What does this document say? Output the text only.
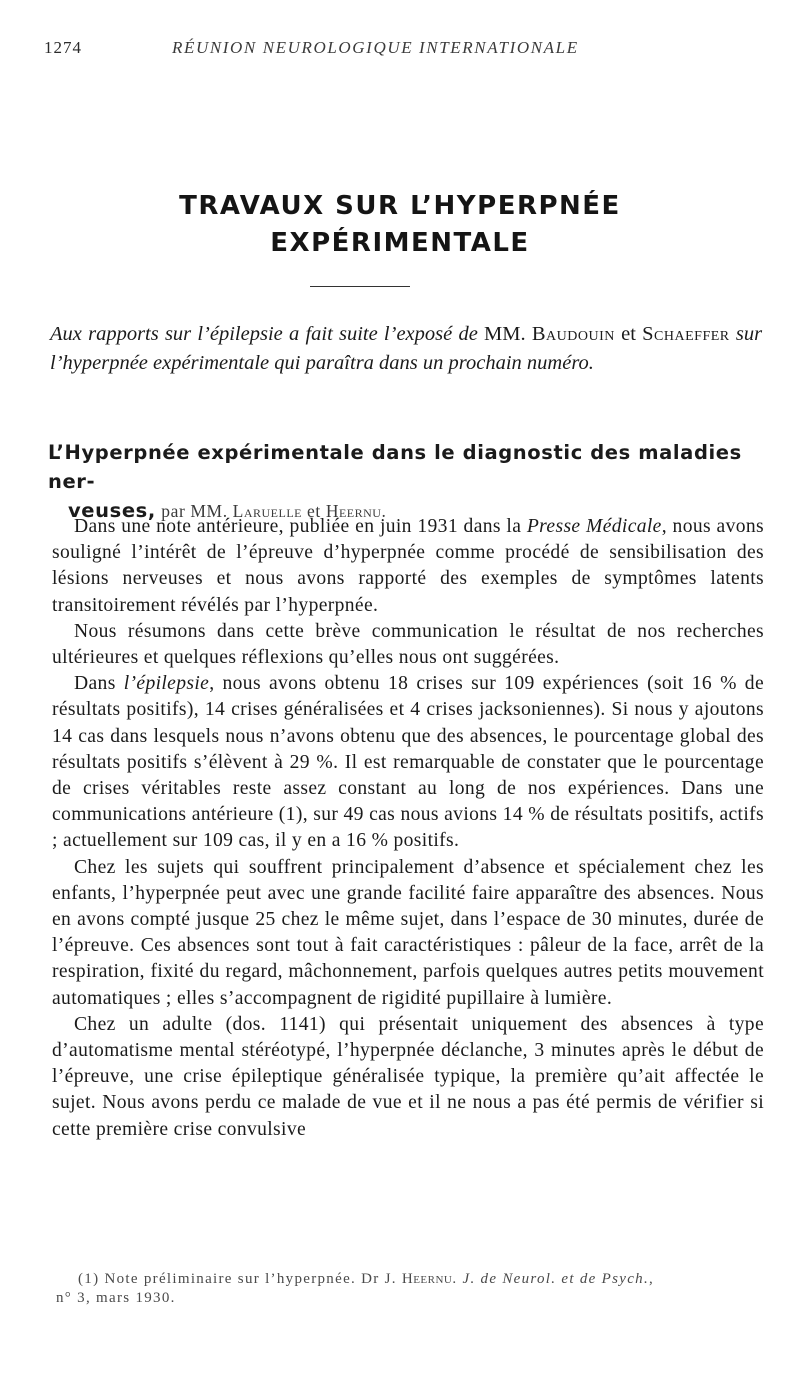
1274	RÉUNION NEUROLOGIQUE INTERNATIONALE
TRAVAUX SUR L’HYPERPNÉE
EXPÉRIMENTALE
Aux rapports sur l’épilepsie a fait suite l’exposé de MM. Baudouin et Schaeffer sur l’hyperpnée expérimentale qui paraîtra dans un prochain numéro.
L’Hyperpnée expérimentale dans le diagnostic des maladies ner-
veuses, par MM. Laruelle et Heernu.

Dans une note antérieure, publiée en juin 1931 dans la Presse Médicale, nous avons souligné l’intérêt de l’épreuve d’hyperpnée comme procédé de sensibilisation des lésions nerveuses et nous avons rapporté des exemples de symptômes latents transitoirement révélés par l’hyperpnée.

Nous résumons dans cette brève communication le résultat de nos recherches ultérieures et quelques réflexions qu’elles nous ont suggérées.

Dans l’épilepsie, nous avons obtenu 18 crises sur 109 expériences (soit 16 % de résultats positifs), 14 crises généralisées et 4 crises jacksoniennes). Si nous y ajoutons 14 cas dans lesquels nous n’avons obtenu que des absences, le pourcentage global des résultats positifs s’élèvent à 29 %. Il est remarquable de constater que le pourcentage de crises véritables reste assez constant au long de nos expériences. Dans une communications antérieure (1), sur 49 cas nous avions 14 % de résultats positifs, actifs ; actuellement sur 109 cas, il y en a 16 % positifs.

Chez les sujets qui souffrent principalement d’absence et spécialement chez les enfants, l’hyperpnée peut avec une grande facilité faire apparaître des absences. Nous en avons compté jusque 25 chez le même sujet, dans l’espace de 30 minutes, durée de l’épreuve. Ces absences sont tout à fait caractéristiques : pâleur de la face, arrêt de la respiration, fixité du regard, mâchonnement, parfois quelques autres petits mouvement automatiques ; elles s’accompagnent de rigidité pupillaire à lumière.

Chez un adulte (dos. 1141) qui présentait uniquement des absences à type d’automatisme mental stéréotypé, l’hyperpnée déclanche, 3 minutes après le début de l’épreuve, une crise épileptique généralisée typique, la première qu’ait affectée le sujet. Nous avons perdu ce malade de vue et il ne nous a pas été permis de vérifier si cette première crise convulsive

(1) Note préliminaire sur l’hyperpnée. Dr J. Heernu. J. de Neurol. et de Psych.,
n° 3, mars 1930.
